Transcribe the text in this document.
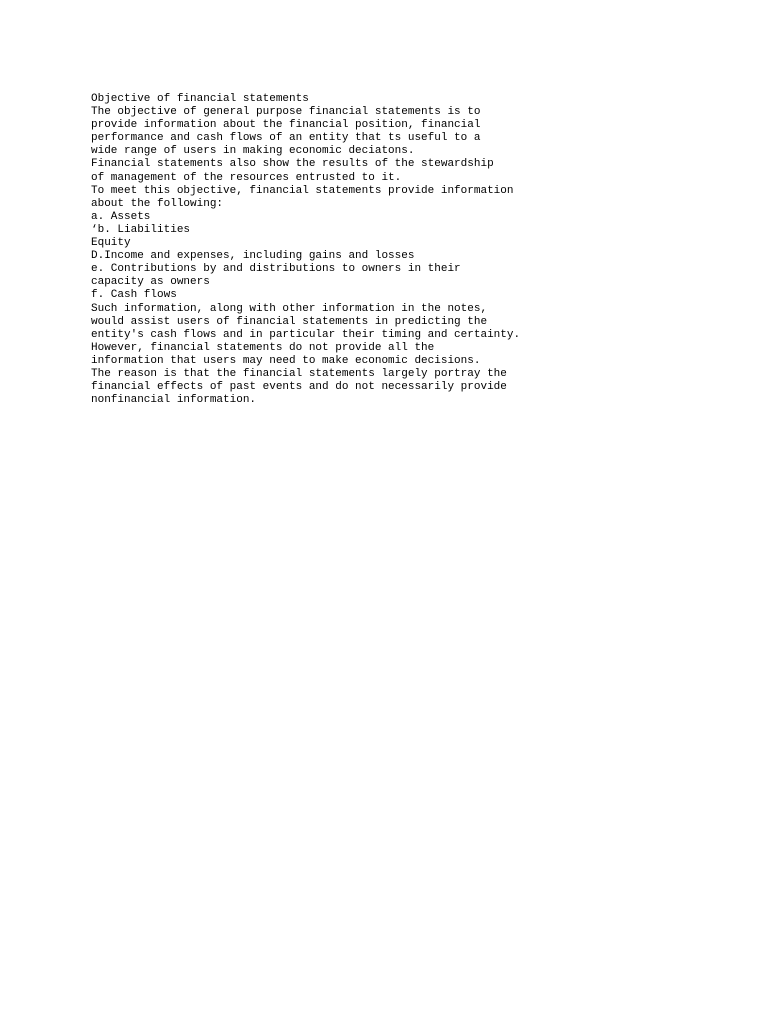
Objective of financial statements
The objective of general purpose financial statements is to
provide information about the financial position, financial
performance and cash flows of an entity that ts useful to a
wide range of users in making economic deciatons.
Financial statements also show the results of the stewardship
of management of the resources entrusted to it.
To meet this objective, financial statements provide information
about the following:
a. Assets
‘b. Liabilities
Equity
D.Income and expenses, including gains and losses
e. Contributions by and distributions to owners in their
capacity as owners
f. Cash flows
Such information, along with other information in the notes,
would assist users of financial statements in predicting the
entity's cash flows and in particular their timing and certainty.
However, financial statements do not provide all the
information that users may need to make economic decisions.
The reason is that the financial statements largely portray the
financial effects of past events and do not necessarily provide
nonfinancial information.
